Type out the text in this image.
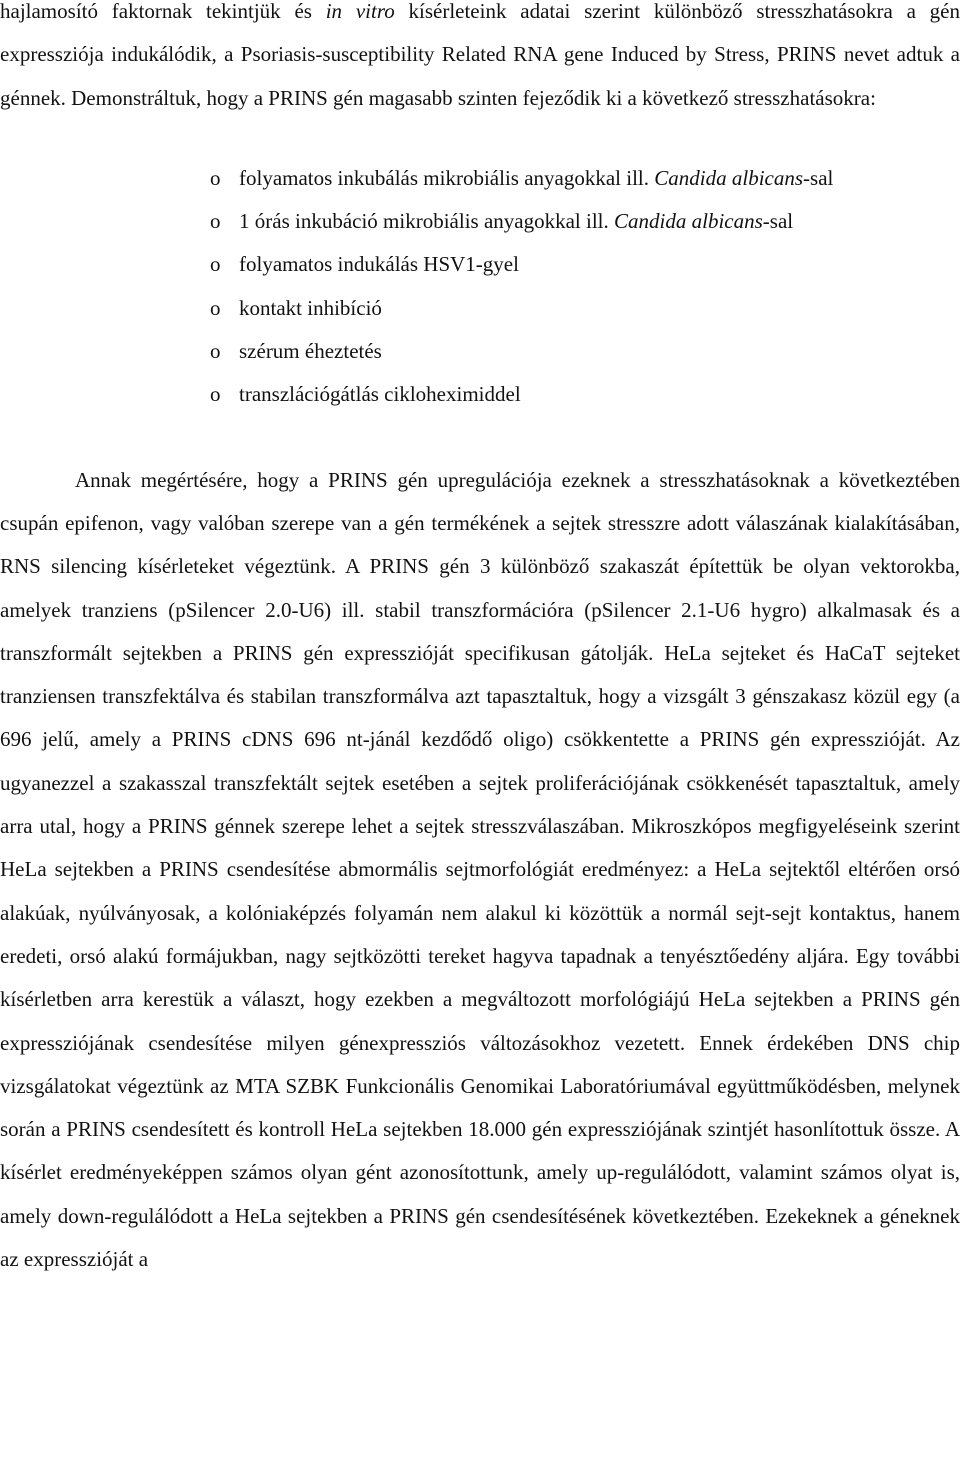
hajlamosító faktornak tekintjük és in vitro kísérleteink adatai szerint különböző stresszhatásokra a gén expressziója indukálódik, a Psoriasis-susceptibility Related RNA gene Induced by Stress, PRINS nevet adtuk a génnek. Demonstráltuk, hogy a PRINS gén magasabb szinten fejeződik ki a következő stresszhatásokra:

o folyamatos inkubálás mikrobiális anyagokkal ill. Candida albicans-sal
o 1 órás inkubáció mikrobiális anyagokkal ill. Candida albicans-sal
o folyamatos indukálás HSV1-gyel
o kontakt inhibíció
o szérum éheztetés
o transzlációgátlás cikloheximiddel

Annak megértésére, hogy a PRINS gén upregulációja ezeknek a stresszhatásoknak a következtében csupán epifenon, vagy valóban szerepe van a gén termékének a sejtek stresszre adott válaszának kialakításában, RNS silencing kísérleteket végeztünk. A PRINS gén 3 különböző szakaszát építettük be olyan vektorokba, amelyek tranziens (pSilencer 2.0-U6) ill. stabil transzformációra (pSilencer 2.1-U6 hygro) alkalmasak és a transzformált sejtekben a PRINS gén expresszióját specifikusan gátolják. HeLa sejteket és HaCaT sejteket tranziensen transzfektálva és stabilan transzformálva azt tapasztaltuk, hogy a vizsgált 3 génszakasz közül egy (a 696 jelű, amely a PRINS cDNS 696 nt-jánál kezdődő oligo) csökkentette a PRINS gén expresszióját. Az ugyanezzel a szakasszal transzfektált sejtek esetében a sejtek proliferációjának csökkenését tapasztaltuk, amely arra utal, hogy a PRINS génnek szerepe lehet a sejtek stresszválaszában. Mikroszkópos megfigyeléseink szerint HeLa sejtekben a PRINS csendesítése abmormális sejtmorfológiát eredményez: a HeLa sejtektől eltérően orsó alakúak, nyúlványosak, a kolóniaképzés folyamán nem alakul ki közöttük a normál sejt-sejt kontaktus, hanem eredeti, orsó alakú formájukban, nagy sejtközötti tereket hagyva tapadnak a tenyésztőedény aljára. Egy további kísérletben arra kerestük a választ, hogy ezekben a megváltozott morfológiájú HeLa sejtekben a PRINS gén expressziójának csendesítése milyen génexpressziós változásokhoz vezetett. Ennek érdekében DNS chip vizsgálatokat végeztünk az MTA SZBK Funkcionális Genomikai Laboratóriumával együttműködésben, melynek során a PRINS csendesített és kontroll HeLa sejtekben 18.000 gén expressziójának szintjét hasonlítottuk össze. A kísérlet eredményeképpen számos olyan gént azonosítottunk, amely up-regulálódott, valamint számos olyat is, amely down-regulálódott a HeLa sejtekben a PRINS gén csendesítésének következtében. Ezekeknek a géneknek az expresszióját a
